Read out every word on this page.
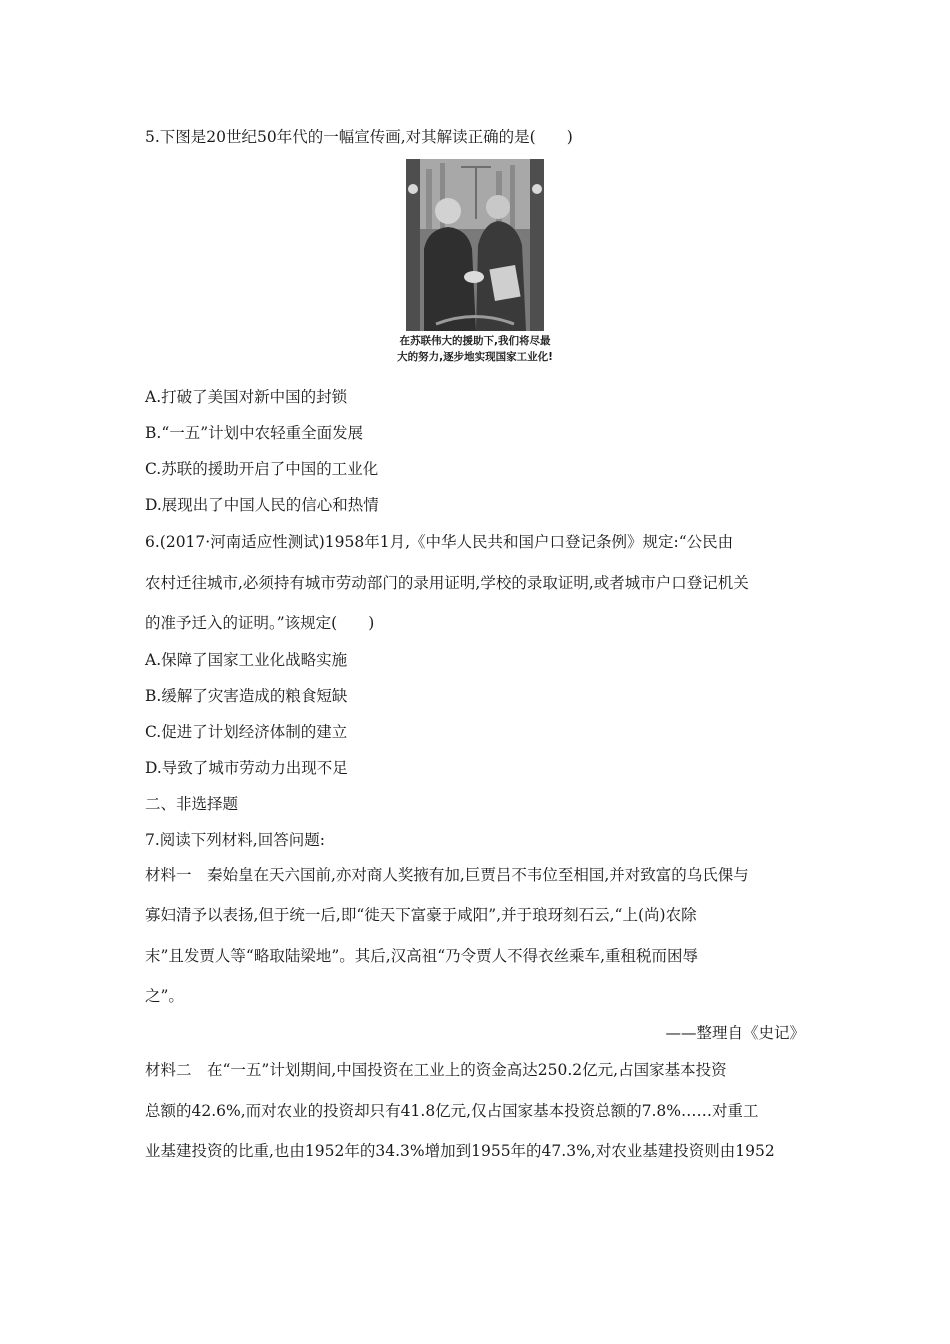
5.下图是20世纪50年代的一幅宣传画,对其解读正确的是(　　)
在苏联伟大的援助下,我们将尽最
大的努力,逐步地实现国家工业化!
A.打破了美国对新中国的封锁
B.“一五”计划中农轻重全面发展
C.苏联的援助开启了中国的工业化
D.展现出了中国人民的信心和热情
6.(2017·河南适应性测试)1958年1月,《中华人民共和国户口登记条例》规定:“公民由
农村迁往城市,必须持有城市劳动部门的录用证明,学校的录取证明,或者城市户口登记机关
的准予迁入的证明。”该规定(　　)
A.保障了国家工业化战略实施
B.缓解了灾害造成的粮食短缺
C.促进了计划经济体制的建立
D.导致了城市劳动力出现不足
二、非选择题
7.阅读下列材料,回答问题:
材料一　秦始皇在天六国前,亦对商人奖掖有加,巨贾吕不韦位至相国,并对致富的乌氏倮与
寡妇清予以表扬,但于统一后,即“徙天下富豪于咸阳”,并于琅玡刻石云,“上(尚)农除
末”且发贾人等“略取陆梁地”。其后,汉高祖“乃令贾人不得衣丝乘车,重租税而困辱
之”。
——整理自《史记》
材料二　在“一五”计划期间,中国投资在工业上的资金高达250.2亿元,占国家基本投资
总额的42.6%,而对农业的投资却只有41.8亿元,仅占国家基本投资总额的7.8%……对重工
业基建投资的比重,也由1952年的34.3%增加到1955年的47.3%,对农业基建投资则由1952
